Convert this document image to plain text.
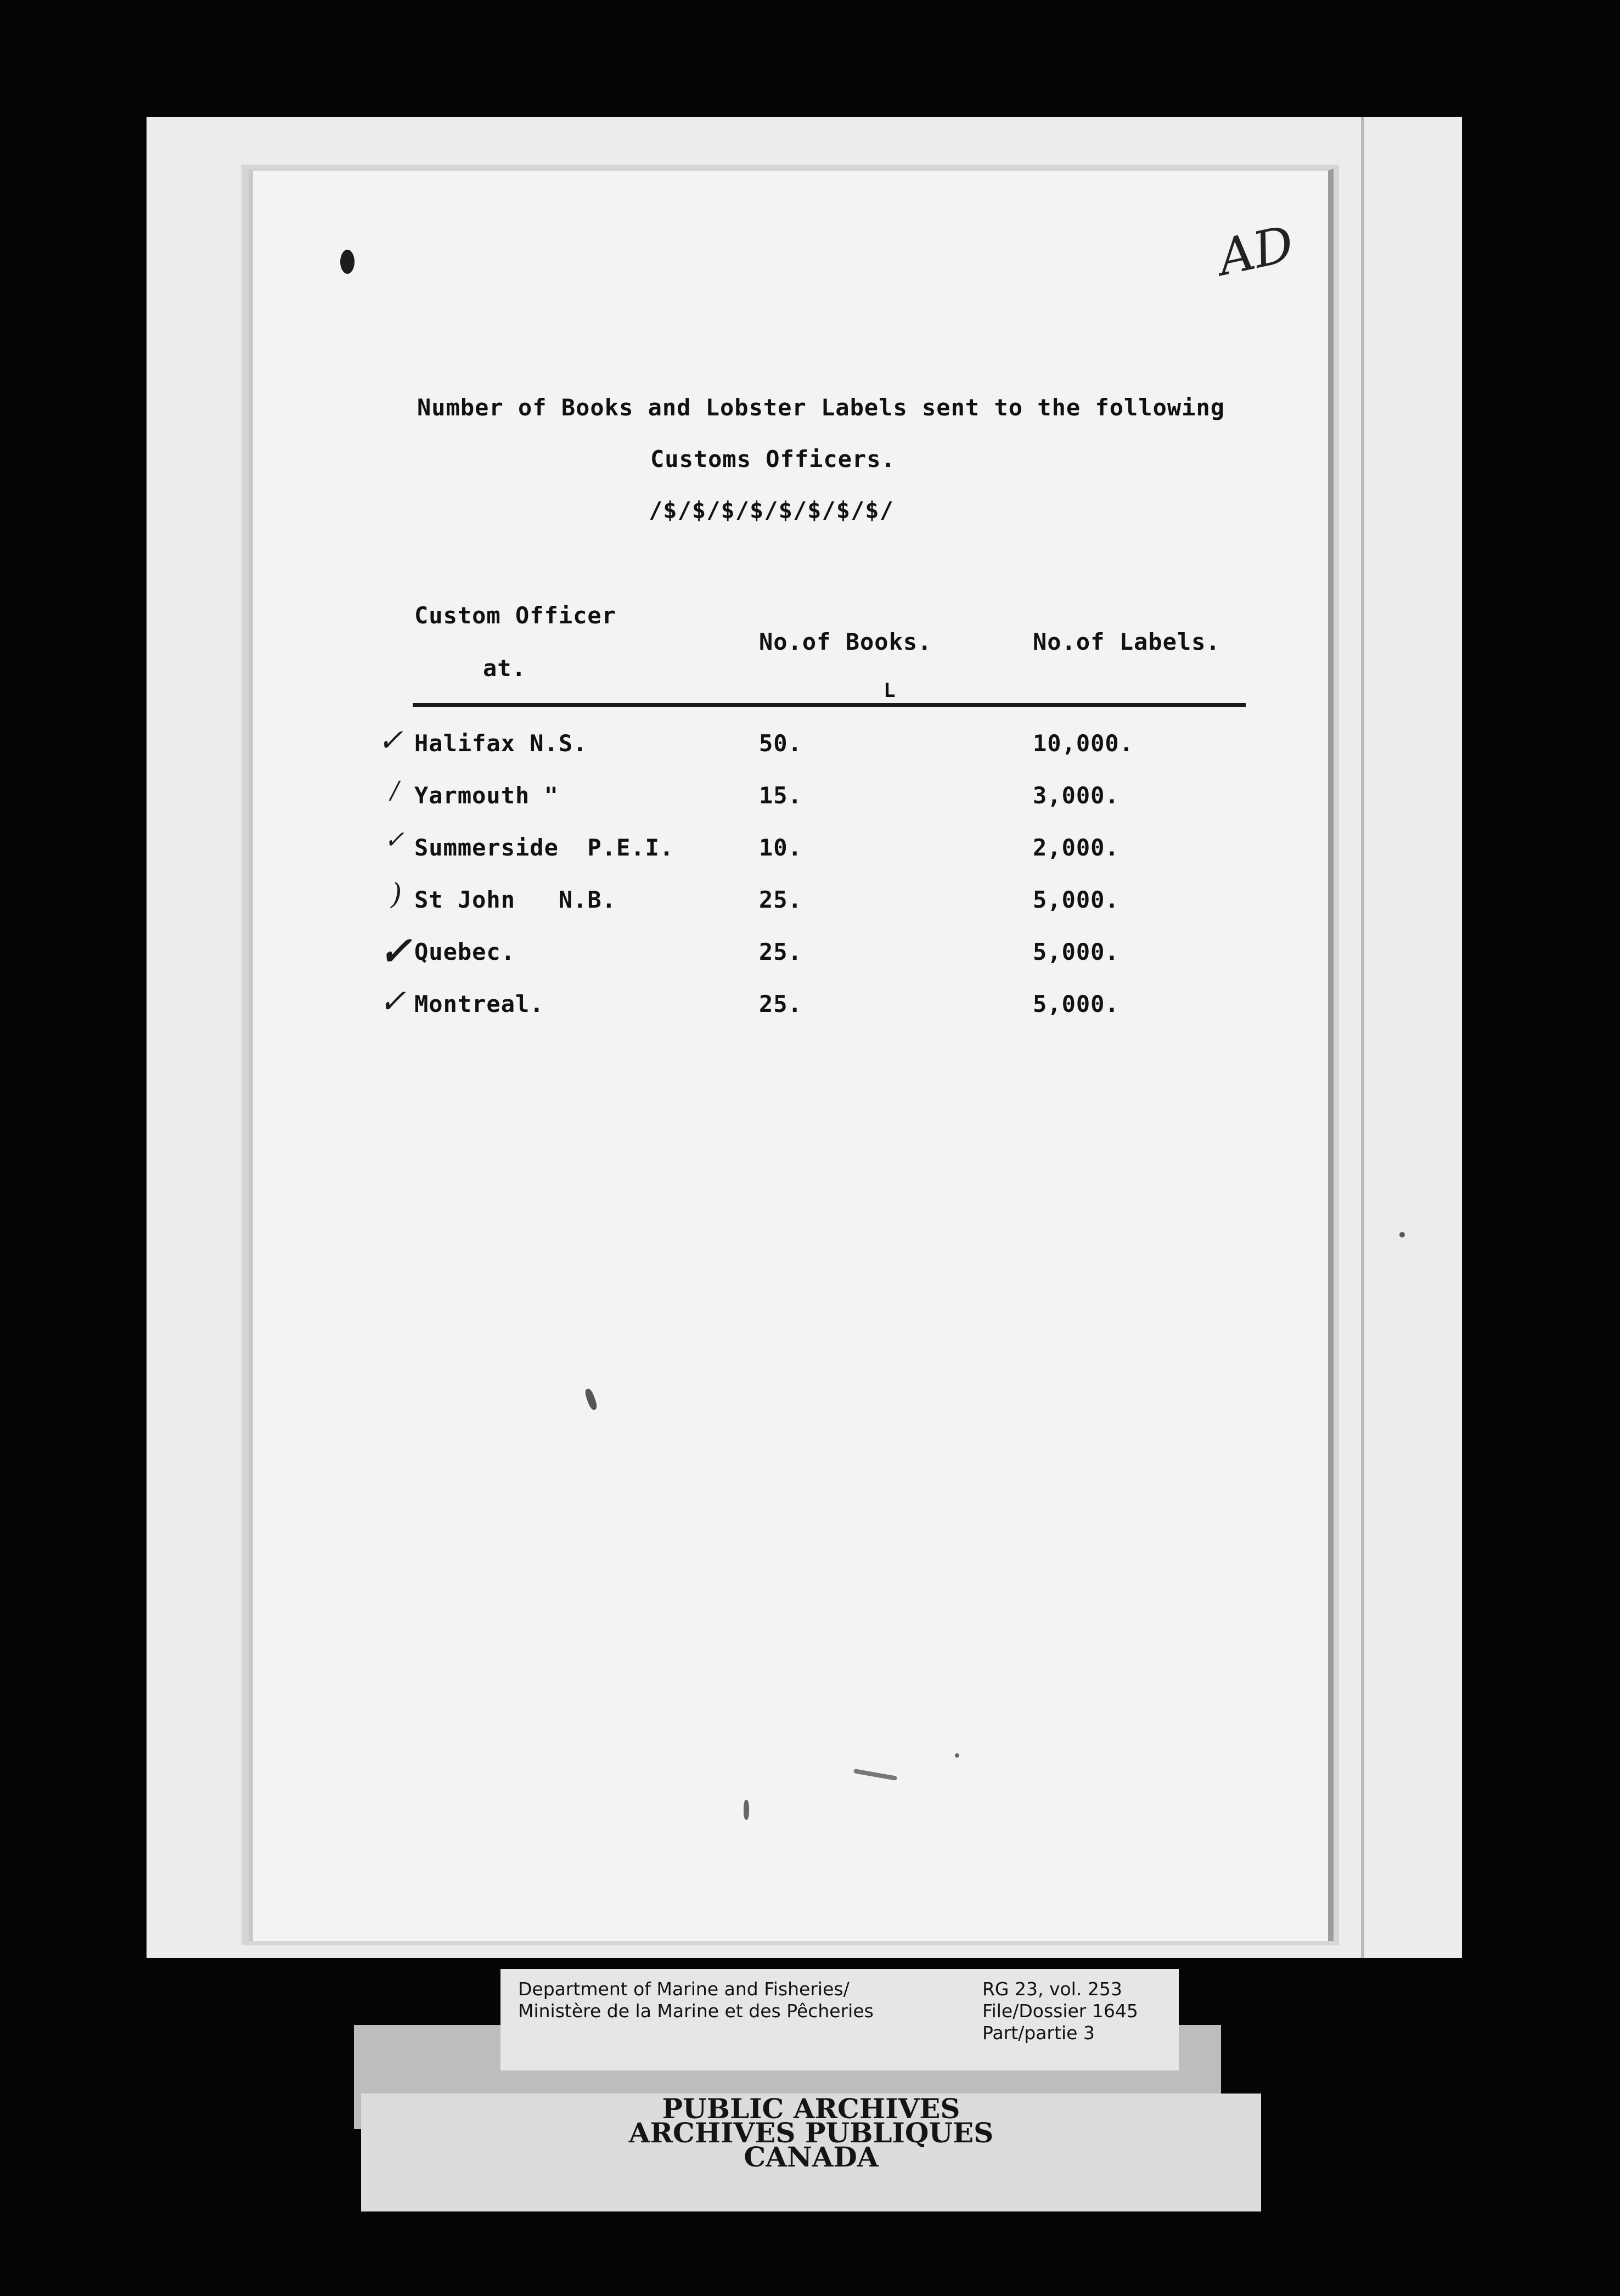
AD
Number of Books and Lobster Labels sent to the following
Customs Officers.
/$/$/$/$/$/$/$/$/
Custom Officer
at.
No.of Books.	No.of Labels.
L
✓ Halifax N.S.	50.	10,000.
/ Yarmouth "	15.	3,000.
✓ Summerside  P.E.I.	10.	2,000.
) St John   N.B.	25.	5,000.
✓ Quebec.	25.	5,000.
✓ Montreal.	25.	5,000.
Department of Marine and Fisheries/
Ministère de la Marine et des Pêcheries
RG 23, vol. 253
File/Dossier 1645
Part/partie 3
PUBLIC ARCHIVES
ARCHIVES PUBLIQUES
CANADA
